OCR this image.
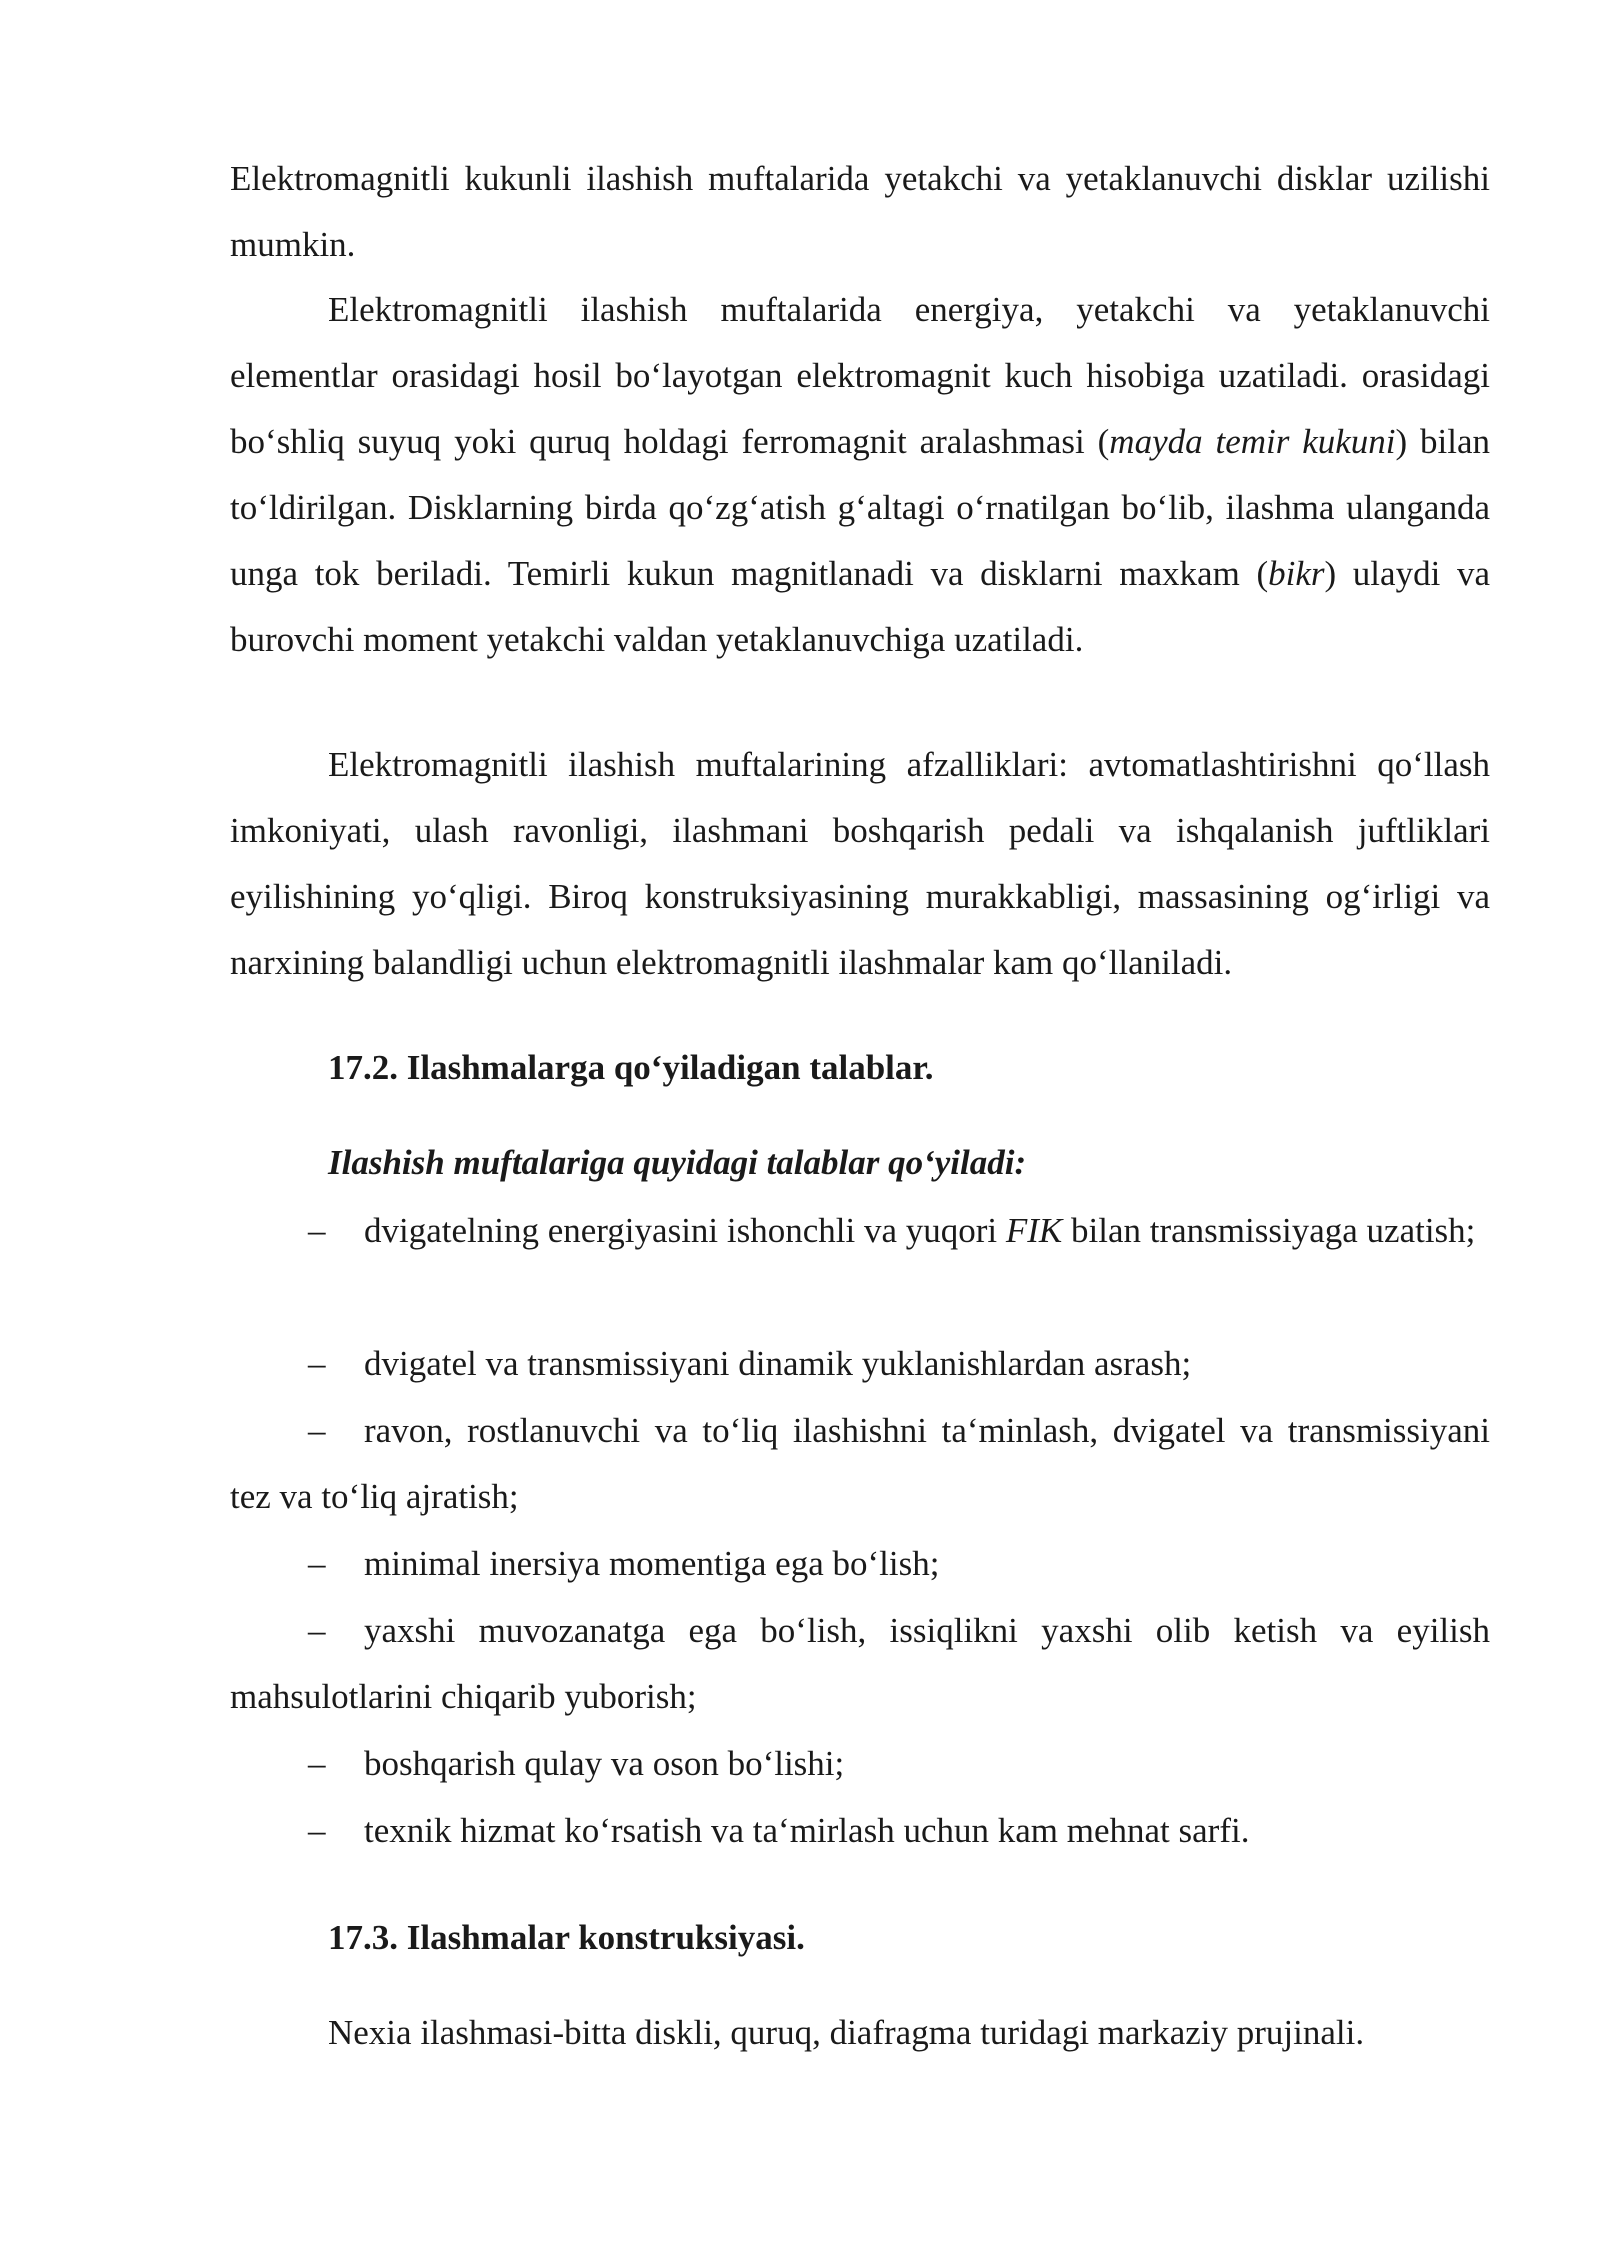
Elektromagnitli kukunli ilashish muftalarida yetakchi va yetaklanuvchi disklar uzilishi mumkin.

Elektromagnitli ilashish muftalarida energiya, yetakchi va yetaklanuvchi elementlar orasidagi hosil bo‘layotgan elektromagnit kuch hisobiga uzatiladi. orasidagi bo‘shliq suyuq yoki quruq holdagi ferromagnit aralashmasi (mayda temir kukuni) bilan to‘ldirilgan. Disklarning birda qo‘zg‘atish g‘altagi o‘rnatilgan bo‘lib, ilashma ulanganda unga tok beriladi. Temirli kukun magnitlanadi va disklarni maxkam (bikr) ulaydi va burovchi moment yetakchi valdan yetaklanuvchiga uzatiladi.

Elektromagnitli ilashish muftalarining afzalliklari: avtomatlashtirishni qo‘llash imkoniyati, ulash ravonligi, ilashmani boshqarish pedali va ishqalanish juftliklari eyilishining yo‘qligi. Biroq konstruksiyasining murakkabligi, massasining og‘irligi va narxining balandligi uchun elektromagnitli ilashmalar kam qo‘llaniladi.

17.2. Ilashmalarga qo‘yiladigan talablar.
Ilashish muftalariga quyidagi talablar qo‘yiladi:

– dvigatelning energiyasini ishonchli va yuqori FIK bilan transmissiyaga uzatish;

– dvigatel va transmissiyani dinamik yuklanishlardan asrash;

– ravon, rostlanuvchi va to‘liq ilashishni ta‘minlash, dvigatel va transmissiyani tez va to‘liq ajratish;

– minimal inersiya momentiga ega bo‘lish;

– yaxshi muvozanatga ega bo‘lish, issiqlikni yaxshi olib ketish va eyilish mahsulotlarini chiqarib yuborish;

– boshqarish qulay va oson bo‘lishi;

– texnik hizmat ko‘rsatish va ta‘mirlash uchun kam mehnat sarfi.

17.3. Ilashmalar konstruksiyasi.

Nexia ilashmasi-bitta diskli, quruq, diafragma turidagi markaziy prujinali.
